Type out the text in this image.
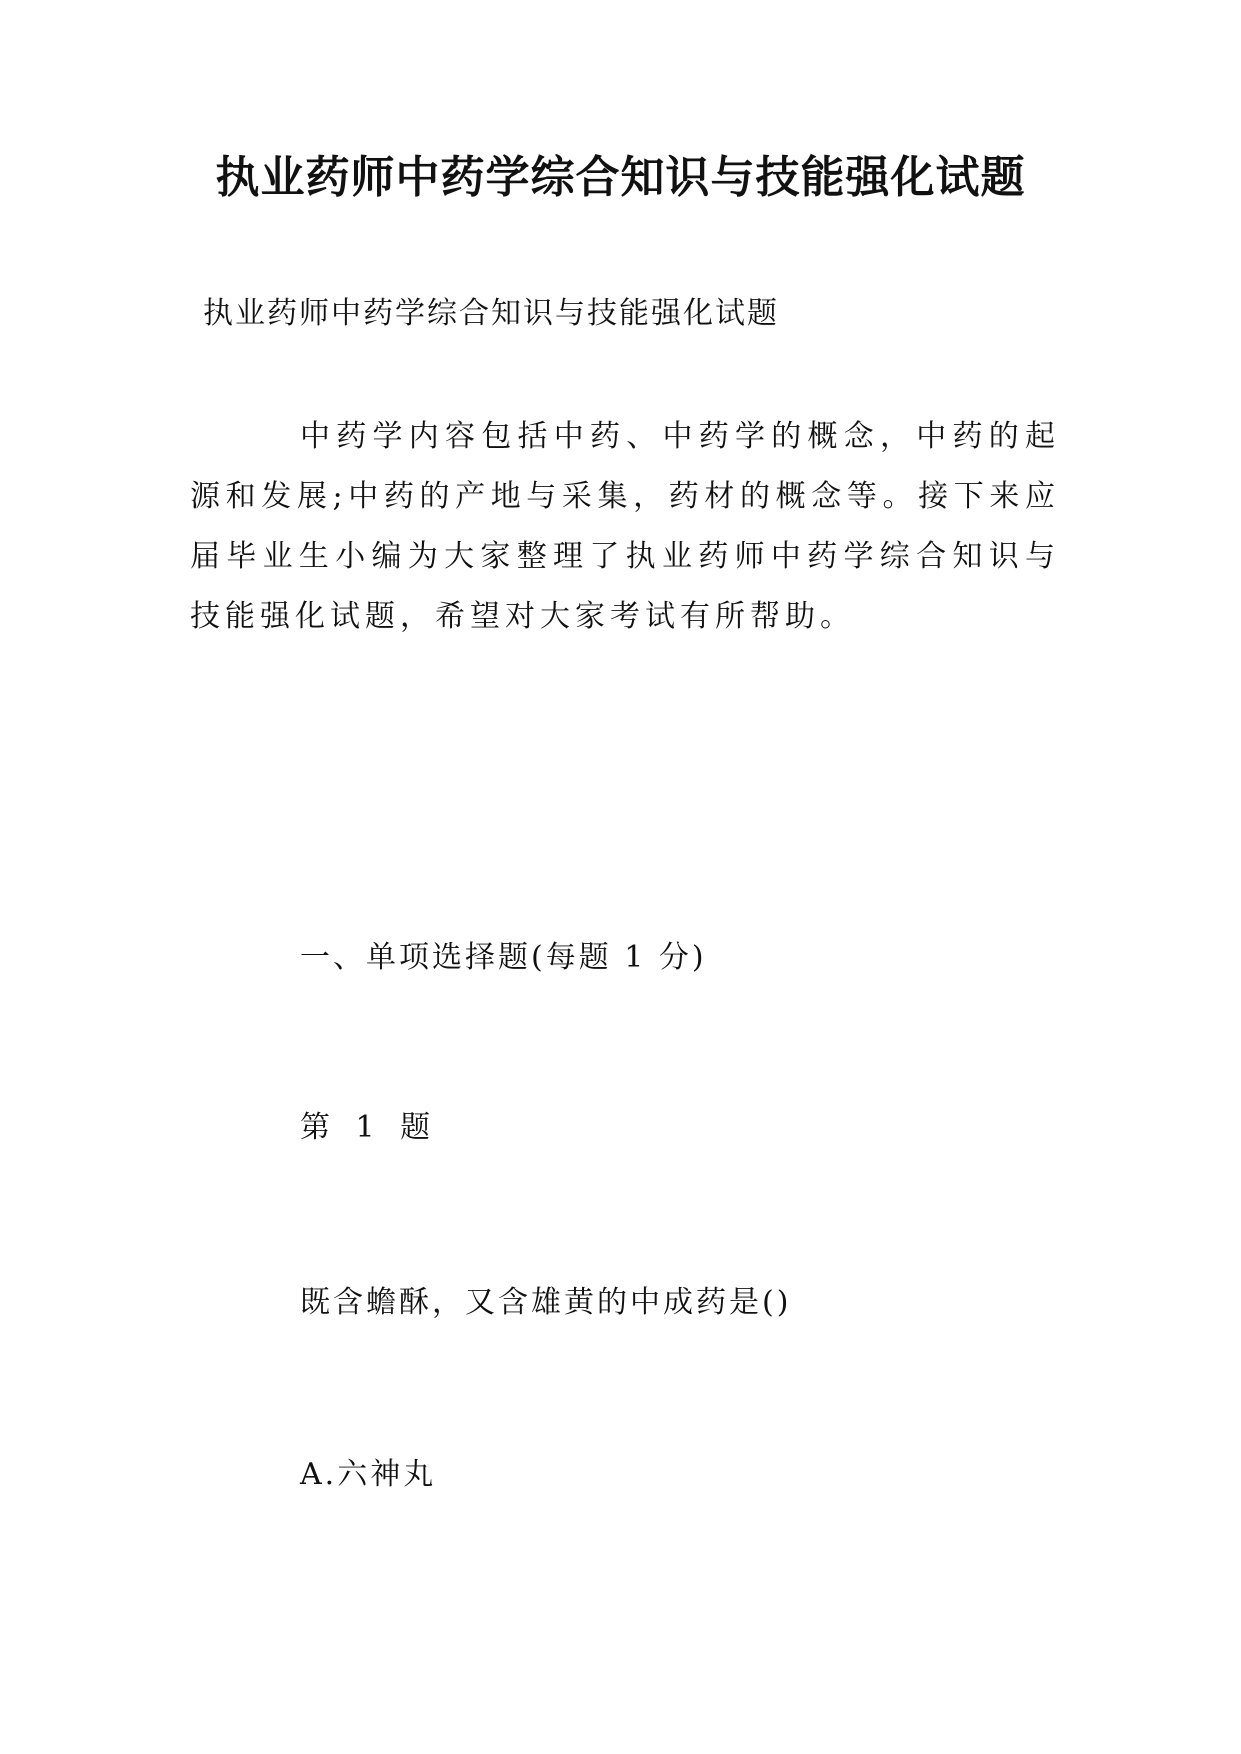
执业药师中药学综合知识与技能强化试题
执业药师中药学综合知识与技能强化试题

中药学内容包括中药、中药学的概念，中药的起源和发展;中药的产地与采集，药材的概念等。接下来应届毕业生小编为大家整理了执业药师中药学综合知识与技能强化试题，希望对大家考试有所帮助。

一、单项选择题(每题 1 分)
第 1 题
既含蟾酥，又含雄黄的中成药是()
A.六神丸
